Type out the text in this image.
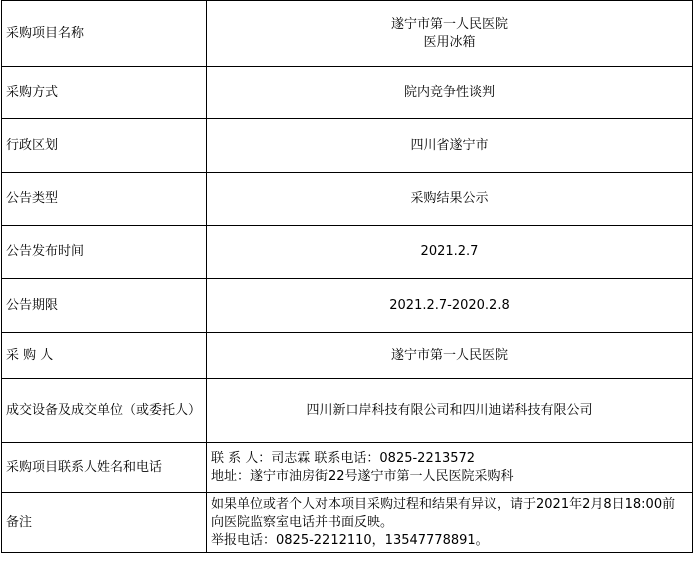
采购项目名称	遂宁市第一人民医院
医用冰箱

采购方式	院内竞争性谈判
行政区划	四川省遂宁市
公告类型	采购结果公示
公告发布时间	2021.2.7
公告期限	2021.2.7-2020.2.8
采 购 人	遂宁市第一人民医院

成交设备及成交单位（或委托人）	四川新口岸科技有限公司和四川迪诺科技有限公司
采购项目联系人姓名和电话	联 系 人：司志霖 联系电话：0825-2213572
地址：遂宁市油房街22号遂宁市第一人民医院采购科

备注	如果单位或者个人对本项目采购过程和结果有异议，请于2021年2月8日18:00前向医院监察室电话并书面反映。
举报电话：0825-2212110，13547778891。
